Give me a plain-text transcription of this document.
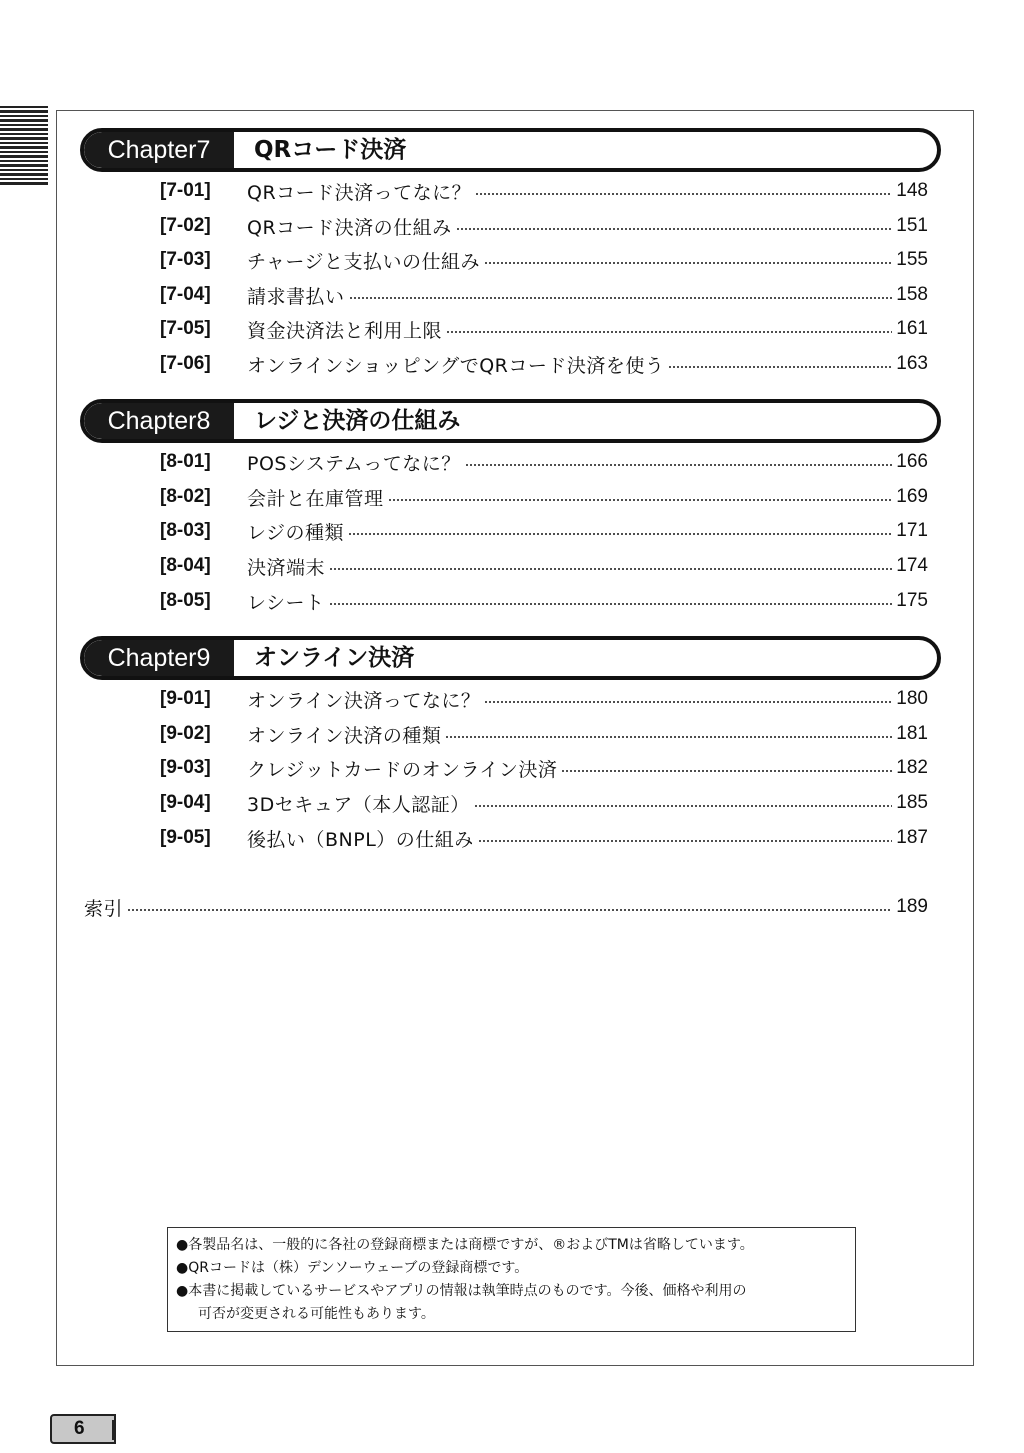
Chapter7	QRコード決済
[7-01]	QRコード決済ってなに？	148
[7-02]	QRコード決済の仕組み	151
[7-03]	チャージと支払いの仕組み	155
[7-04]	請求書払い	158
[7-05]	資金決済法と利用上限	161
[7-06]	オンラインショッピングでQRコード決済を使う	163
Chapter8	レジと決済の仕組み
[8-01]	POSシステムってなに？	166
[8-02]	会計と在庫管理	169
[8-03]	レジの種類	171
[8-04]	決済端末	174
[8-05]	レシート	175
Chapter9	オンライン決済
[9-01]	オンライン決済ってなに？	180
[9-02]	オンライン決済の種類	181
[9-03]	クレジットカードのオンライン決済	182
[9-04]	3Dセキュア（本人認証）	185
[9-05]	後払い（BNPL）の仕組み	187
索引	189
●各製品名は、一般的に各社の登録商標または商標ですが、®およびTMは省略しています。
●QRコードは（株）デンソーウェーブの登録商標です。
●本書に掲載しているサービスやアプリの情報は執筆時点のものです。今後、価格や利用の
可否が変更される可能性もあります。
6
